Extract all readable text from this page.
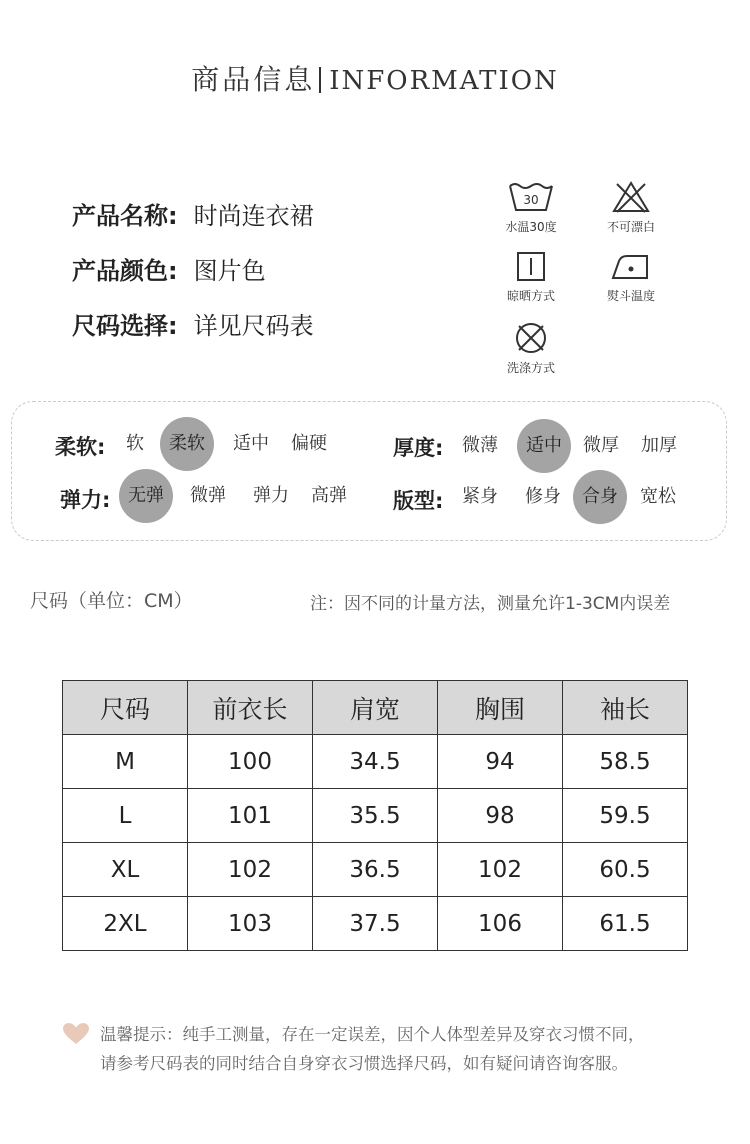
商品信息 INFORMATION
产品名称: 时尚连衣裙
产品颜色: 图片色
尺码选择: 详见尺码表
30
水温30度	不可漂白
晾晒方式	熨斗温度
洗涤方式
柔软:	软	柔软	适中	偏硬	厚度:	微薄	适中	微厚	加厚
弹力: 无弹	微弹	弹力	高弹	版型:	紧身	修身	合身	宽松
尺码（单位：CM）	注：因不同的计量方法，测量允许1-3CM内误差
尺码	前衣长	肩宽	胸围	袖长
M	100	34.5	94	58.5
L	101	35.5	98	59.5
XL	102	36.5	102	60.5
2XL	103	37.5	106	61.5
温馨提示：纯手工测量，存在一定误差，因个人体型差异及穿衣习惯不同，
请参考尺码表的同时结合自身穿衣习惯选择尺码，如有疑问请咨询客服。
